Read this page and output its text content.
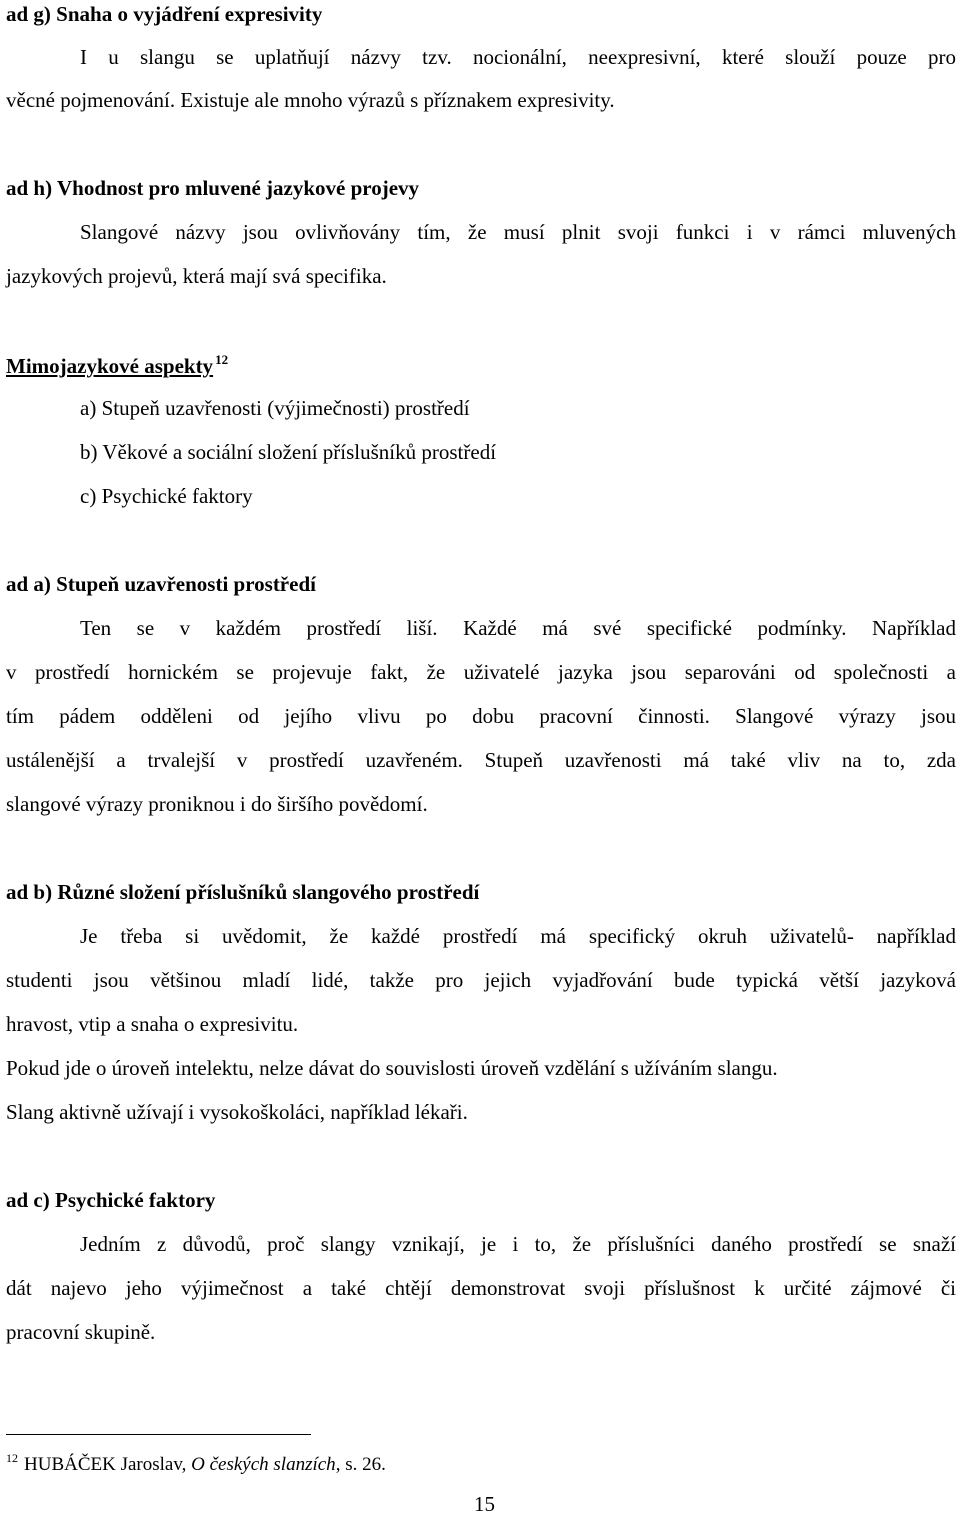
ad g) Snaha o vyjádření expresivity
I u slangu se uplatňují názvy tzv. nocionální, neexpresivní, které slouží pouze pro
věcné pojmenování. Existuje ale mnoho výrazů s příznakem expresivity.
ad h) Vhodnost pro mluvené jazykové projevy
Slangové názvy jsou ovlivňovány tím, že musí plnit svoji funkci i v rámci mluvených
jazykových projevů, která mají svá specifika.
Mimojazykové aspekty $^{12}$
a) Stupeň uzavřenosti (výjimečnosti) prostředí
b) Věkové a sociální složení příslušníků prostředí
c) Psychické faktory
ad a) Stupeň uzavřenosti prostředí
Ten se v každém prostředí liší. Každé má své specifické podmínky. Například
v prostředí hornickém se projevuje fakt, že uživatelé jazyka jsou separováni od společnosti a
tím pádem odděleni od jejího vlivu po dobu pracovní činnosti. Slangové výrazy jsou
ustálenější a trvalejší v prostředí uzavřeném. Stupeň uzavřenosti má také vliv na to, zda
slangové výrazy proniknou i do širšího povědomí.
ad b) Různé složení příslušníků slangového prostředí
Je třeba si uvědomit, že každé prostředí má specifický okruh uživatelů- například
studenti jsou většinou mladí lidé, takže pro jejich vyjadřování bude typická větší jazyková
hravost, vtip a snaha o expresivitu.
Pokud jde o úroveň intelektu, nelze dávat do souvislosti úroveň vzdělání s užíváním slangu.
Slang aktivně užívají i vysokoškoláci, například lékaři.
ad c) Psychické faktory
Jedním z důvodů, proč slangy vznikají, je i to, že příslušníci daného prostředí se snaží
dát najevo jeho výjimečnost a také chtějí demonstrovat svoji příslušnost k určité zájmové či
pracovní skupině.
$^{12}$ HUBÁČEK Jaroslav, O českých slanzích, s. 26.
15
